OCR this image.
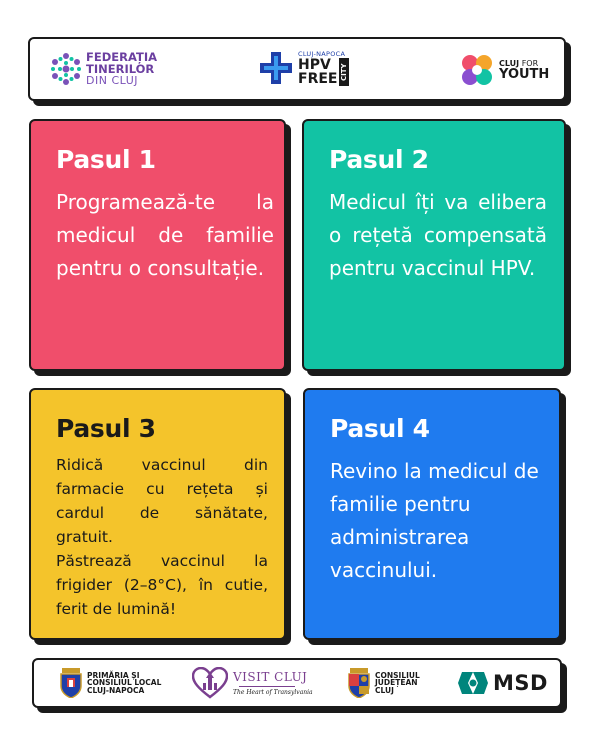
FEDERAȚIA
TINERILOR
DIN CLUJ
CLUJ-NAPOCA
HPV
FREE CITY	CLUJ FOR
YOUTH
Pasul 1

Programează-te la medicul de familie pentru o consultație.

Pasul 2

Medicul îți va elibera o rețetă compensată pentru vaccinul HPV.

Pasul 3

Ridică vaccinul din farmacie cu rețeta și cardul de sănătate, gratuit.

Păstrează vaccinul la frigider (2–8°C), în cutie, ferit de lumină!

Pasul 4

Revino la medicul de familie pentru administrarea vaccinului.

PRIMĂRIA ȘI
CONSILIUL LOCAL
CLUJ-NAPOCA
VISIT CLUJ
The Heart of Transylvania
CONSILIUL
JUDEȚEAN
CLUJ	MSD
